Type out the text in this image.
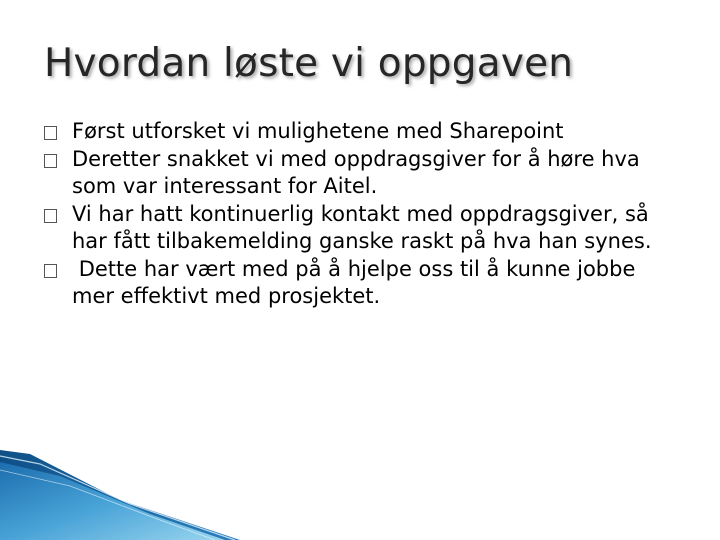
Hvordan løste vi oppgaven
Først utforsket vi mulighetene med Sharepoint
Deretter snakket vi med oppdragsgiver for å høre hva som var interessant for Aitel.
Vi har hatt kontinuerlig kontakt med oppdragsgiver, så har fått tilbakemelding ganske raskt på hva han synes.
Dette har vært med på å hjelpe oss til å kunne jobbe mer effektivt med prosjektet.
